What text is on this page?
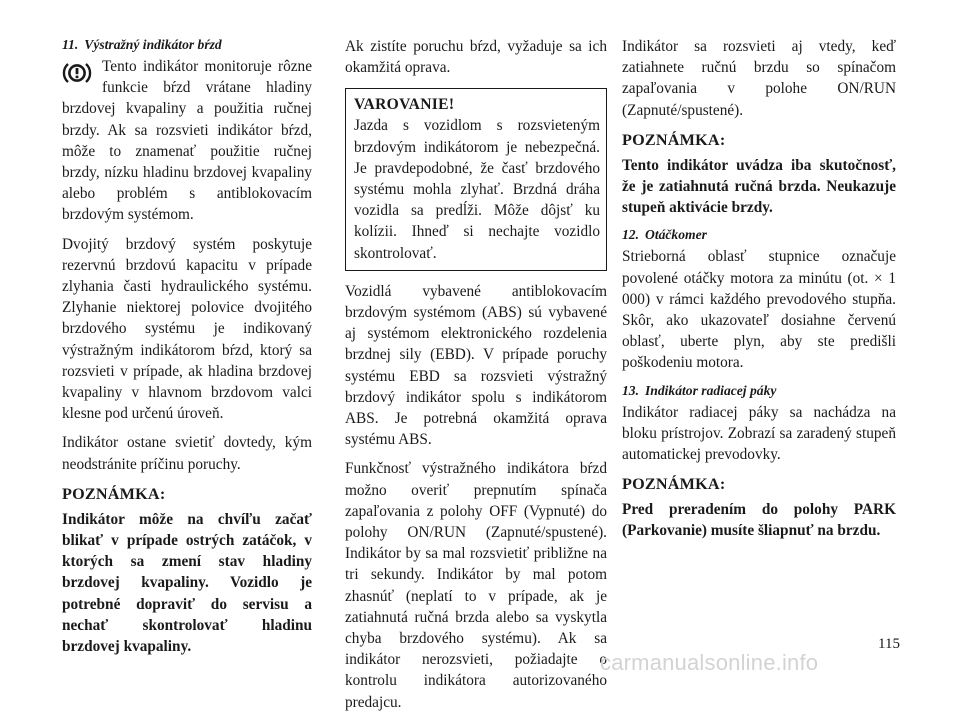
11. Výstražný indikátor bŕzd
Tento indikátor monitoruje rôzne funkcie bŕzd vrátane hladiny brzdovej kvapaliny a použitia ručnej brzdy. Ak sa rozsvieti indikátor bŕzd, môže to znamenať použitie ručnej brzdy, nízku hladinu brzdovej kvapaliny alebo problém s antiblokovacím brzdovým systémom.

Dvojitý brzdový systém poskytuje rezervnú brzdovú kapacitu v prípade zlyhania časti hydraulického systému. Zlyhanie niektorej polovice dvojitého brzdového systému je indikovaný výstražným indikátorom bŕzd, ktorý sa rozsvieti v prípade, ak hladina brzdovej kvapaliny v hlavnom brzdovom valci klesne pod určenú úroveň.

Indikátor ostane svietiť dovtedy, kým neodstránite príčinu poruchy.

POZNÁMKA:

Indikátor môže na chvíľu začať blikať v prípade ostrých zatáčok, v ktorých sa zmení stav hladiny brzdovej kvapaliny. Vozidlo je potrebné dopraviť do servisu a nechať skontrolovať hladinu brzdovej kvapaliny.

Ak zistíte poruchu bŕzd, vyžaduje sa ich okamžitá oprava.

VAROVANIE!
Jazda s vozidlom s rozsvieteným brzdovým indikátorom je nebezpečná. Je pravdepodobné, že časť brzdového systému mohla zlyhať. Brzdná dráha vozidla sa predĺži. Môže dôjsť ku kolízii. Ihneď si nechajte vozidlo skontrolovať.

Vozidlá vybavené antiblokovacím brzdovým systémom (ABS) sú vybavené aj systémom elektronického rozdelenia brzdnej sily (EBD). V prípade poruchy systému EBD sa rozsvieti výstražný brzdový indikátor spolu s indikátorom ABS. Je potrebná okamžitá oprava systému ABS.

Funkčnosť výstražného indikátora bŕzd možno overiť prepnutím spínača zapaľovania z polohy OFF (Vypnuté) do polohy ON/RUN (Zapnuté/spustené). Indikátor by sa mal rozsvietiť približne na tri sekundy. Indikátor by mal potom zhasnúť (neplatí to v prípade, ak je zatiahnutá ručná brzda alebo sa vyskytla chyba brzdového systému). Ak sa indikátor nerozsvieti, požiadajte o kontrolu indikátora autorizovaného predajcu.

Indikátor sa rozsvieti aj vtedy, keď zatiahnete ručnú brzdu so spínačom zapaľovania v polohe ON/RUN (Zapnuté/spustené).

POZNÁMKA:

Tento indikátor uvádza iba skutočnosť, že je zatiahnutá ručná brzda. Neukazuje stupeň aktivácie brzdy.

12. Otáčkomer

Strieborná oblasť stupnice označuje povolené otáčky motora za minútu (ot. × 1 000) v rámci každého prevodového stupňa. Skôr, ako ukazovateľ dosiahne červenú oblasť, uberte plyn, aby ste predišli poškodeniu motora.

13. Indikátor radiacej páky

Indikátor radiacej páky sa nachádza na bloku prístrojov. Zobrazí sa zaradený stupeň automatickej prevodovky.

POZNÁMKA:

Pred preradením do polohy PARK (Parkovanie) musíte šliapnuť na brzdu.

115
carmanualsonline.info
